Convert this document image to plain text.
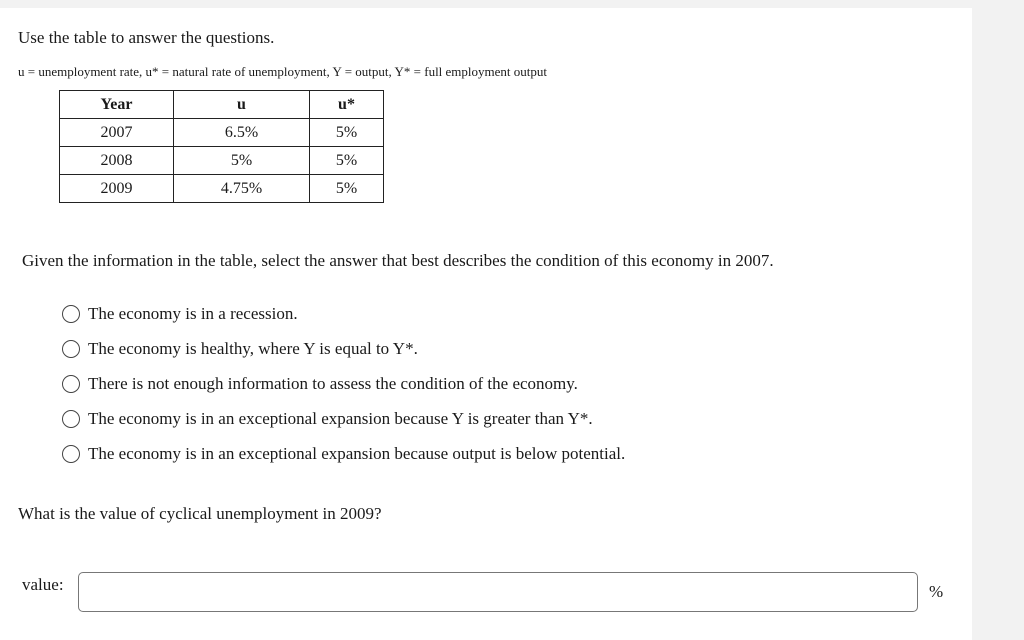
Use the table to answer the questions.

u = unemployment rate, u* = natural rate of unemployment, Y = output, Y* = full employment output

Year	u	u*
2007	6.5%	5%
2008	5%	5%
2009	4.75%	5%

Given the information in the table, select the answer that best describes the condition of this economy in 2007.

The economy is in a recession.
The economy is healthy, where Y is equal to Y*.
There is not enough information to assess the condition of the economy.
The economy is in an exceptional expansion because Y is greater than Y*.
The economy is in an exceptional expansion because output is below potential.

What is the value of cyclical unemployment in 2009?

value:	%
